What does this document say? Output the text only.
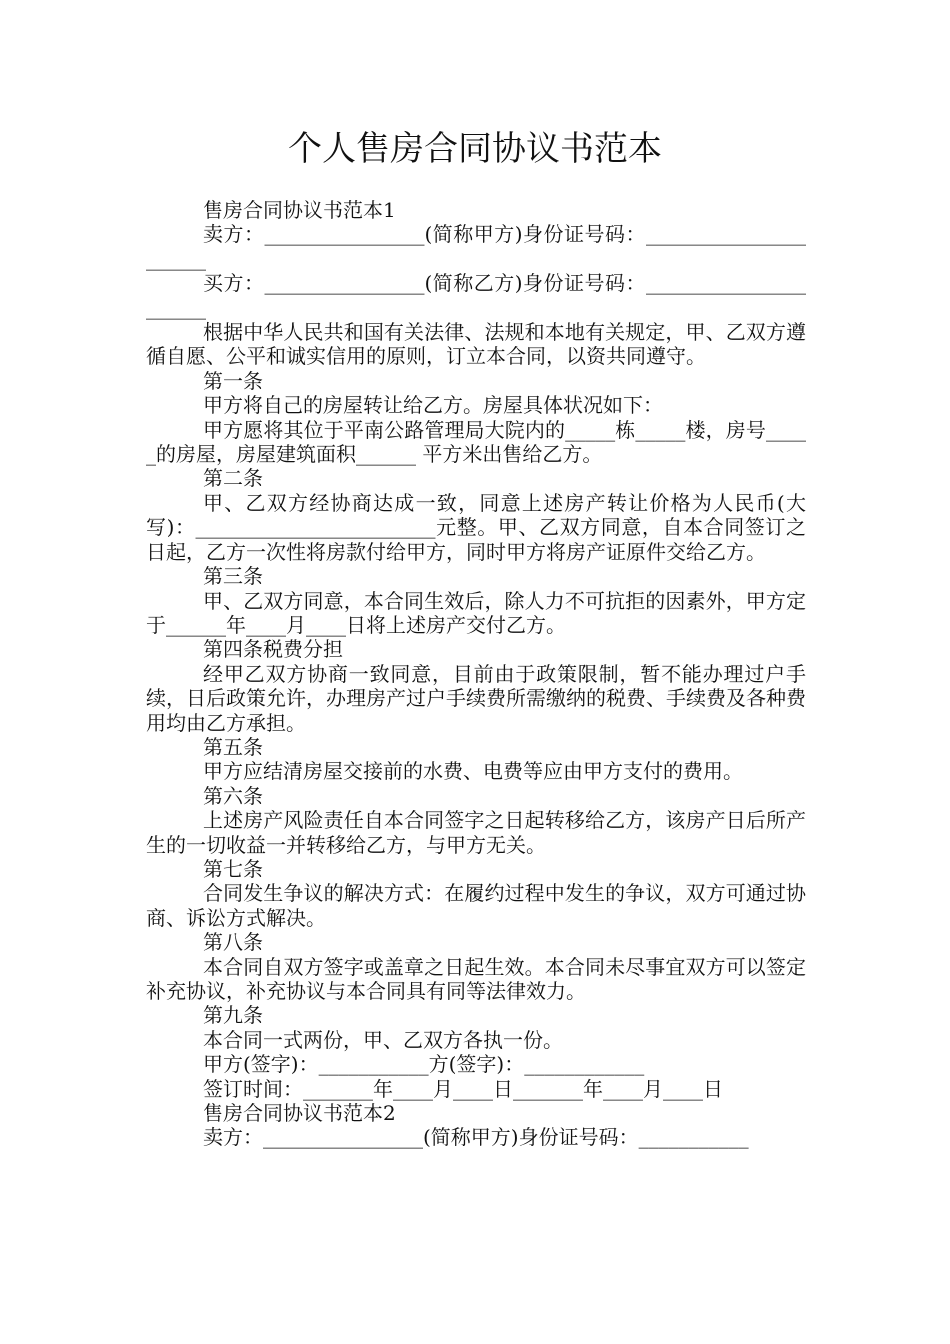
个人售房合同协议书范本

售房合同协议书范本1

卖方：________________(简称甲方)身份证号码：______________________

买方：________________(简称乙方)身份证号码：______________________

根据中华人民共和国有关法律、法规和本地有关规定，甲、乙双方遵循自愿、公平和诚实信用的原则，订立本合同，以资共同遵守。

第一条

甲方将自己的房屋转让给乙方。房屋具体状况如下：

甲方愿将其位于平南公路管理局大院内的_____栋_____楼，房号_____的房屋，房屋建筑面积______ 平方米出售给乙方。

第二条

甲、乙双方经协商达成一致，同意上述房产转让价格为人民币(大写)：________________________元整。甲、乙双方同意，自本合同签订之日起，乙方一次性将房款付给甲方，同时甲方将房产证原件交给乙方。

第三条

甲、乙双方同意，本合同生效后，除人力不可抗拒的因素外，甲方定于______年____月____日将上述房产交付乙方。

第四条税费分担

经甲乙双方协商一致同意，目前由于政策限制，暂不能办理过户手续，日后政策允许，办理房产过户手续费所需缴纳的税费、手续费及各种费用均由乙方承担。

第五条

甲方应结清房屋交接前的水费、电费等应由甲方支付的费用。

第六条

上述房产风险责任自本合同签字之日起转移给乙方，该房产日后所产生的一切收益一并转移给乙方，与甲方无关。

第七条

合同发生争议的解决方式：在履约过程中发生的争议，双方可通过协商、诉讼方式解决。

第八条

本合同自双方签字或盖章之日起生效。本合同未尽事宜双方可以签定补充协议，补充协议与本合同具有同等法律效力。

第九条

本合同一式两份，甲、乙双方各执一份。

甲方(签字)：___________方(签字)：____________

签订时间：_______年____月____日_______年____月____日

售房合同协议书范本2

卖方：________________(简称甲方)身份证号码：___________
